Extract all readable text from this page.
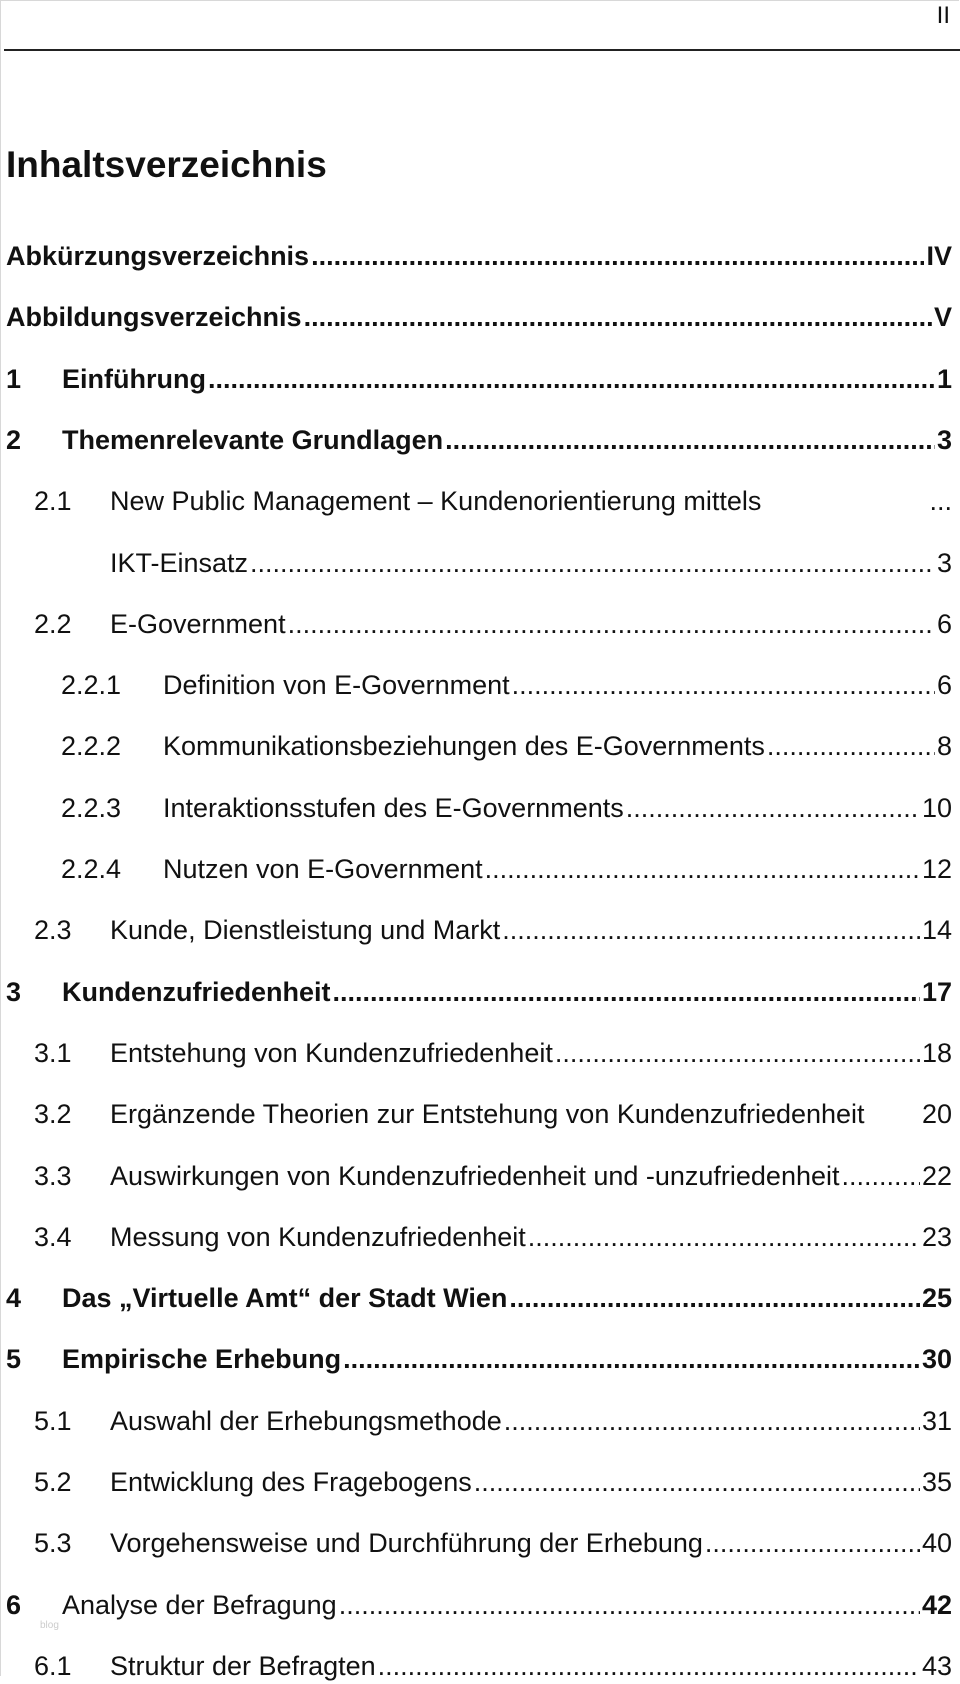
II
Inhaltsverzeichnis
Abkürzungsverzeichnis .....	IV
Abbildungsverzeichnis .....	V
1 Einführung .....	1
2 Themenrelevante Grundlagen .....	3
2.1 New Public Management – Kundenorientierung mittels	...
IKT-Einsatz .....	3
2.2 E-Government .....	6
2.2.1 Definition von E-Government .....	6
2.2.2 Kommunikationsbeziehungen des E-Governments .....	8
2.2.3 Interaktionsstufen des E-Governments .....	10
2.2.4 Nutzen von E-Government .....	12
2.3 Kunde, Dienstleistung und Markt .....	14
3 Kundenzufriedenheit .....	17
3.1 Entstehung von Kundenzufriedenheit .....	18
3.2 Ergänzende Theorien zur Entstehung von Kundenzufriedenheit 20
3.3 Auswirkungen von Kundenzufriedenheit und -unzufriedenheit .....	22
3.4 Messung von Kundenzufriedenheit .....	23
4 Das „Virtuelle Amt“ der Stadt Wien .....	25
5 Empirische Erhebung .....	30
5.1 Auswahl der Erhebungsmethode .....	31
5.2 Entwicklung des Fragebogens .....	35
5.3 Vorgehensweise und Durchführung der Erhebung .....	40
6 Analyse der Befragung .....	42
6.1 Struktur der Befragten .....	43
blog
